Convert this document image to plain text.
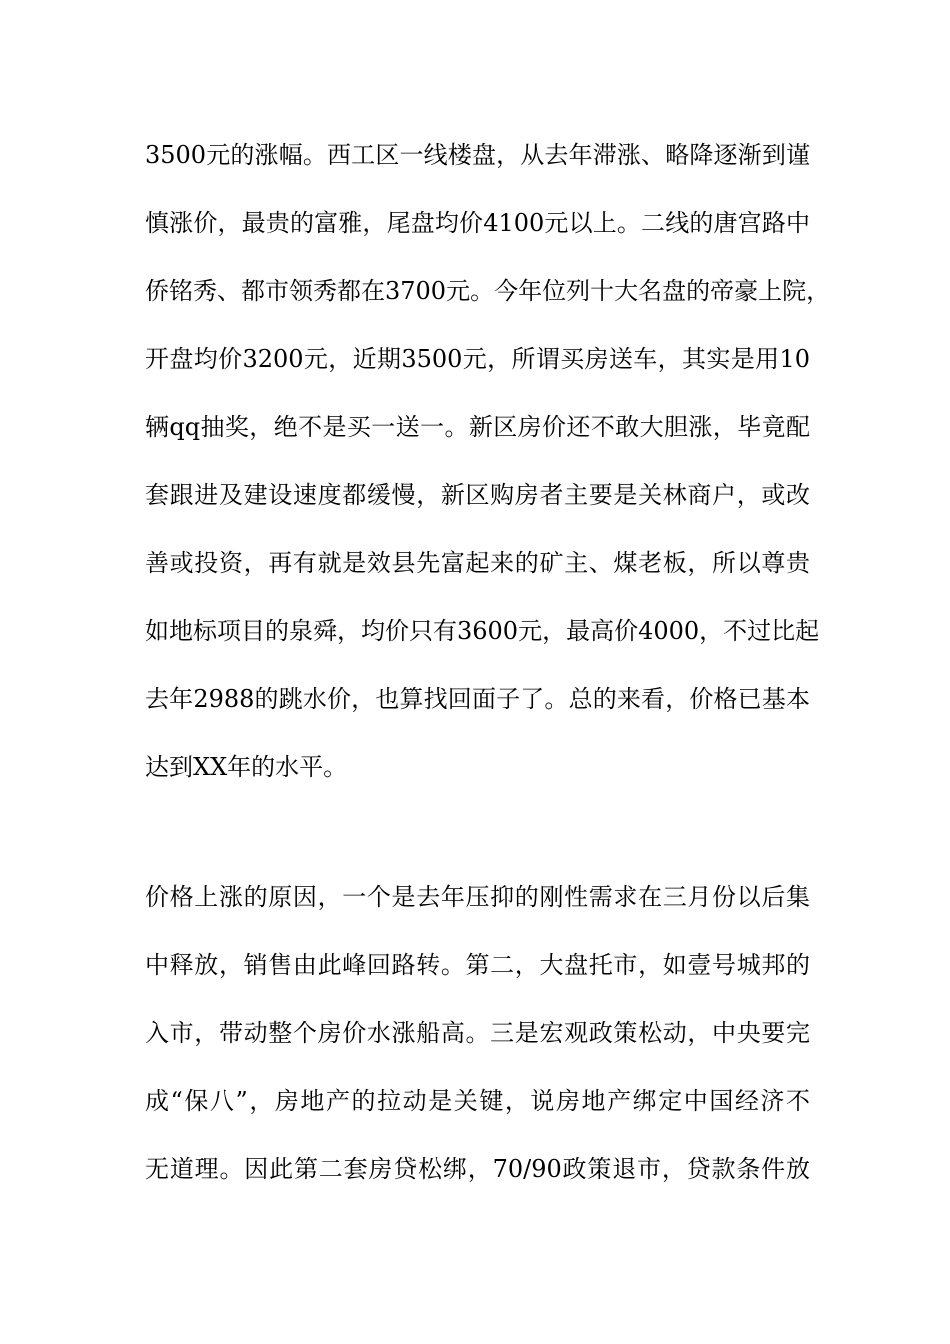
3500元的涨幅。西工区一线楼盘，从去年滞涨、略降逐渐到谨
慎涨价，最贵的富雅，尾盘均价4100元以上。二线的唐宫路中
侨铭秀、都市领秀都在3700元。今年位列十大名盘的帝豪上院，
开盘均价3200元，近期3500元，所谓买房送车，其实是用10
辆qq抽奖，绝不是买一送一。新区房价还不敢大胆涨，毕竟配
套跟进及建设速度都缓慢，新区购房者主要是关林商户，或改
善或投资，再有就是效县先富起来的矿主、煤老板，所以尊贵
如地标项目的泉舜，均价只有3600元，最高价4000，不过比起
去年2988的跳水价，也算找回面子了。总的来看，价格已基本
达到XX年的水平。

价格上涨的原因，一个是去年压抑的刚性需求在三月份以后集
中释放，销售由此峰回路转。第二，大盘托市，如壹号城邦的
入市，带动整个房价水涨船高。三是宏观政策松动，中央要完
成“保八”，房地产的拉动是关键，说房地产绑定中国经济不
无道理。因此第二套房贷松绑，70/90政策退市，贷款条件放
